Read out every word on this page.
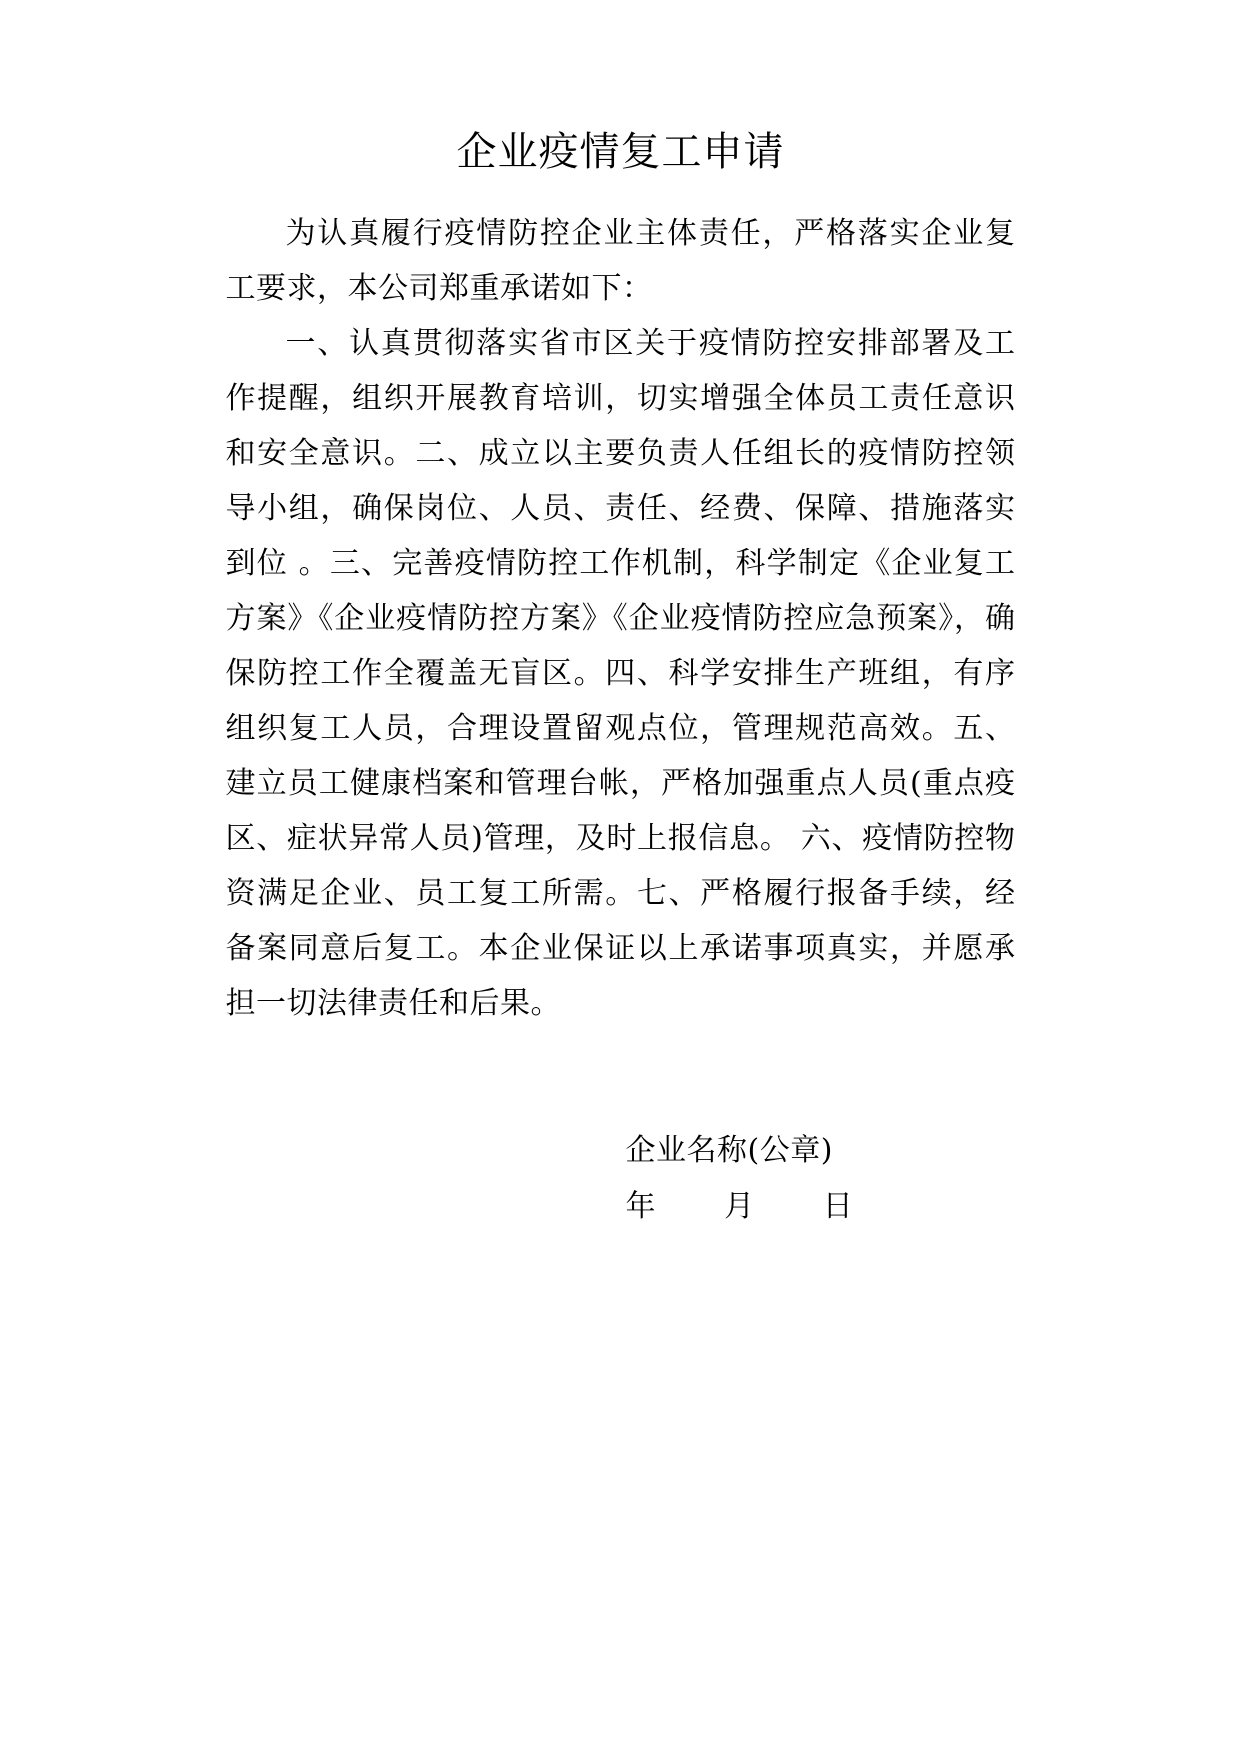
企业疫情复工申请

为认真履行疫情防控企业主体责任，严格落实企业复工要求，本公司郑重承诺如下：

一、认真贯彻落实省市区关于疫情防控安排部署及工作提醒，组织开展教育培训，切实增强全体员工责任意识和安全意识。二、成立以主要负责人任组长的疫情防控领导小组，确保岗位、人员、责任、经费、保障、措施落实到位 。三、完善疫情防控工作机制，科学制定《企业复工方案》《企业疫情防控方案》《企业疫情防控应急预案》，确保防控工作全覆盖无盲区。四、科学安排生产班组，有序组织复工人员，合理设置留观点位，管理规范高效。五、建立员工健康档案和管理台帐，严格加强重点人员(重点疫区、症状异常人员)管理，及时上报信息。 六、疫情防控物资满足企业、员工复工所需。七、严格履行报备手续，经备案同意后复工。本企业保证以上承诺事项真实，并愿承担一切法律责任和后果。

企业名称(公章)
年 月 日
